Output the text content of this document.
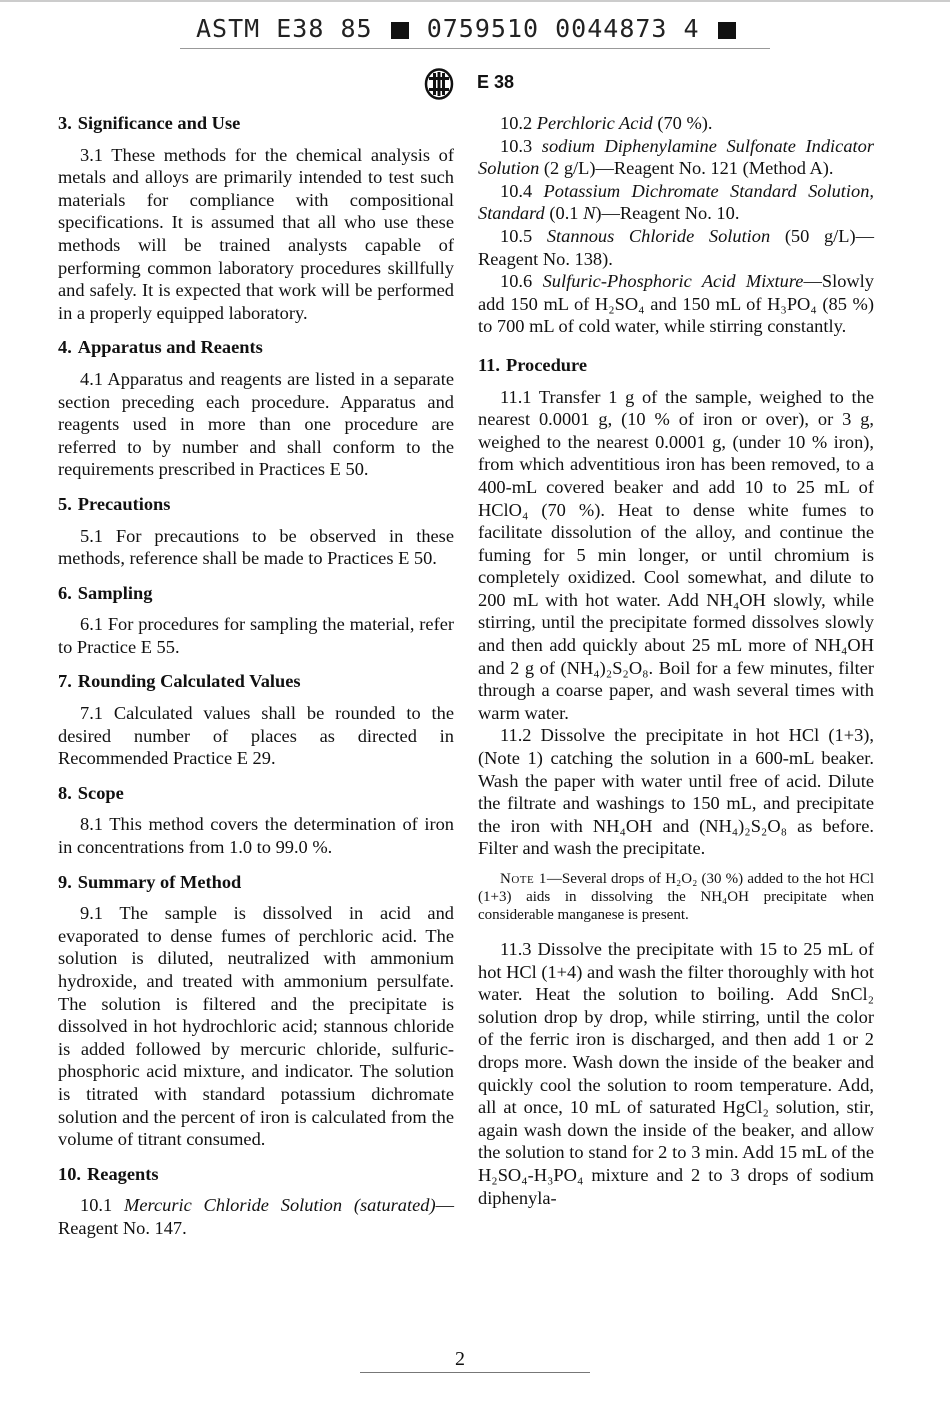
ASTM E38 85 0759510 0044873 4
E 38
3. Significance and Use

3.1 These methods for the chemical analysis of metals and alloys are primarily intended to test such materials for compliance with compositional specifications. It is assumed that all who use these methods will be trained analysts capable of performing common laboratory procedures skillfully and safely. It is expected that work will be performed in a properly equipped laboratory.

4. Apparatus and Reaents

4.1 Apparatus and reagents are listed in a separate section preceding each procedure. Apparatus and reagents used in more than one procedure are referred to by number and shall conform to the requirements prescribed in Practices E 50.

5. Precautions

5.1 For precautions to be observed in these methods, reference shall be made to Practices E 50.

6. Sampling

6.1 For procedures for sampling the material, refer to Practice E 55.

7. Rounding Calculated Values

7.1 Calculated values shall be rounded to the desired number of places as directed in Recommended Practice E 29.

8. Scope

8.1 This method covers the determination of iron in concentrations from 1.0 to 99.0 %.

9. Summary of Method

9.1 The sample is dissolved in acid and evaporated to dense fumes of perchloric acid. The solution is diluted, neutralized with ammonium hydroxide, and treated with ammonium persulfate. The solution is filtered and the precipitate is dissolved in hot hydrochloric acid; stannous chloride is added followed by mercuric chloride, sulfuric-phosphoric acid mixture, and indicator. The solution is titrated with standard potassium dichromate solution and the percent of iron is calculated from the volume of titrant consumed.

10. Reagents

10.1 Mercuric Chloride Solution (saturated)—Reagent No. 147.

10.2 Perchloric Acid (70 %).

10.3 sodium Diphenylamine Sulfonate Indicator Solution (2 g/L)—Reagent No. 121 (Method A).

10.4 Potassium Dichromate Standard Solution, Standard (0.1 N)—Reagent No. 10.

10.5 Stannous Chloride Solution (50 g/L)—Reagent No. 138).

10.6 Sulfuric-Phosphoric Acid Mixture—Slowly add 150 mL of H₂SO₄ and 150 mL of H₃PO₄ (85 %) to 700 mL of cold water, while stirring constantly.

11. Procedure

11.1 Transfer 1 g of the sample, weighed to the nearest 0.0001 g, (10 % of iron or over), or 3 g, weighed to the nearest 0.0001 g, (under 10 % iron), from which adventitious iron has been removed, to a 400-mL covered beaker and add 10 to 25 mL of HClO₄ (70 %). Heat to dense white fumes to facilitate dissolution of the alloy, and continue the fuming for 5 min longer, or until chromium is completely oxidized. Cool somewhat, and dilute to 200 mL with hot water. Add NH₄OH slowly, while stirring, until the precipitate formed dissolves slowly and then add quickly about 25 mL more of NH₄OH and 2 g of (NH₄)₂S₂O₈. Boil for a few minutes, filter through a coarse paper, and wash several times with warm water.

11.2 Dissolve the precipitate in hot HCl (1+3), (Note 1) catching the solution in a 600-mL beaker. Wash the paper with water until free of acid. Dilute the filtrate and washings to 150 mL, and precipitate the iron with NH₄OH and (NH₄)₂S₂O₈ as before. Filter and wash the precipitate.

Note 1—Several drops of H₂O₂ (30 %) added to the hot HCl (1+3) aids in dissolving the NH₄OH precipitate when considerable manganese is present.

11.3 Dissolve the precipitate with 15 to 25 mL of hot HCl (1+4) and wash the filter thoroughly with hot water. Heat the solution to boiling. Add SnCl₂ solution drop by drop, while stirring, until the color of the ferric iron is discharged, and then add 1 or 2 drops more. Wash down the inside of the beaker and quickly cool the solution to room temperature. Add, all at once, 10 mL of saturated HgCl₂ solution, stir, again wash down the inside of the beaker, and allow the solution to stand for 2 to 3 min. Add 15 mL of the H₂SO₄-H₃PO₄ mixture and 2 to 3 drops of sodium diphenyla-

2
